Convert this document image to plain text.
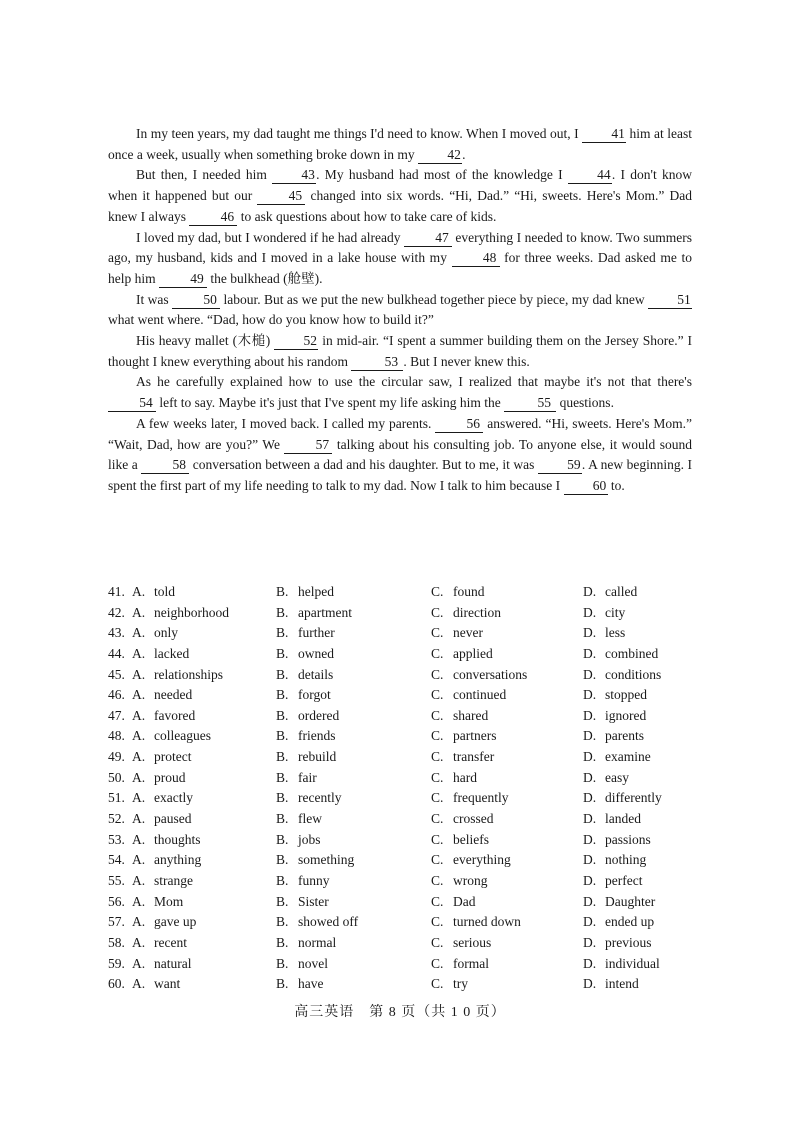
In my teen years, my dad taught me things I'd need to know. When I moved out, I 41 him at least once a week, usually when something broke down in my 42.

But then, I needed him 43. My husband had most of the knowledge I 44. I don't know when it happened but our 45 changed into six words. “Hi, Dad.” “Hi, sweets. Here's Mom.” Dad knew I always 46 to ask questions about how to take care of kids.

I loved my dad, but I wondered if he had already 47 everything I needed to know. Two summers ago, my husband, kids and I moved in a lake house with my 48 for three weeks. Dad asked me to help him 49 the bulkhead (舱壁).

It was 50 labour. But as we put the new bulkhead together piece by piece, my dad knew 51 what went where. “Dad, how do you know how to build it?”

His heavy mallet (木槌) 52 in mid-air. “I spent a summer building them on the Jersey Shore.” I thought I knew everything about his random 53 . But I never knew this.

As he carefully explained how to use the circular saw, I realized that maybe it's not that there's 54 left to say. Maybe it's just that I've spent my life asking him the 55 questions.

A few weeks later, I moved back. I called my parents. 56 answered. “Hi, sweets. Here's Mom.” “Wait, Dad, how are you?” We 57 talking about his consulting job. To anyone else, it would sound like a 58 conversation between a dad and his daughter. But to me, it was 59. A new beginning. I spent the first part of my life needing to talk to my dad. Now I talk to him because I 60 to.

41. A. told	B. helped	C. found	D. called
42. A. neighborhood	B. apartment	C. direction	D. city
43. A. only	B. further	C. never	D. less
44. A. lacked	B. owned	C. applied	D. combined
45. A. relationships	B. details	C. conversations	D. conditions
46. A. needed	B. forgot	C. continued	D. stopped
47. A. favored	B. ordered	C. shared	D. ignored
48. A. colleagues	B. friends	C. partners	D. parents
49. A. protect	B. rebuild	C. transfer	D. examine
50. A. proud	B. fair	C. hard	D. easy
51. A. exactly	B. recently	C. frequently	D. differently
52. A. paused	B. flew	C. crossed	D. landed
53. A. thoughts	B. jobs	C. beliefs	D. passions
54. A. anything	B. something	C. everything	D. nothing
55. A. strange	B. funny	C. wrong	D. perfect
56. A. Mom	B. Sister	C. Dad	D. Daughter
57. A. gave up	B. showed off	C. turned down	D. ended up
58. A. recent	B. normal	C. serious	D. previous
59. A. natural	B. novel	C. formal	D. individual
60. A. want	B. have	C. try	D. intend
高三英语　第 8 页（共 1 0 页）
